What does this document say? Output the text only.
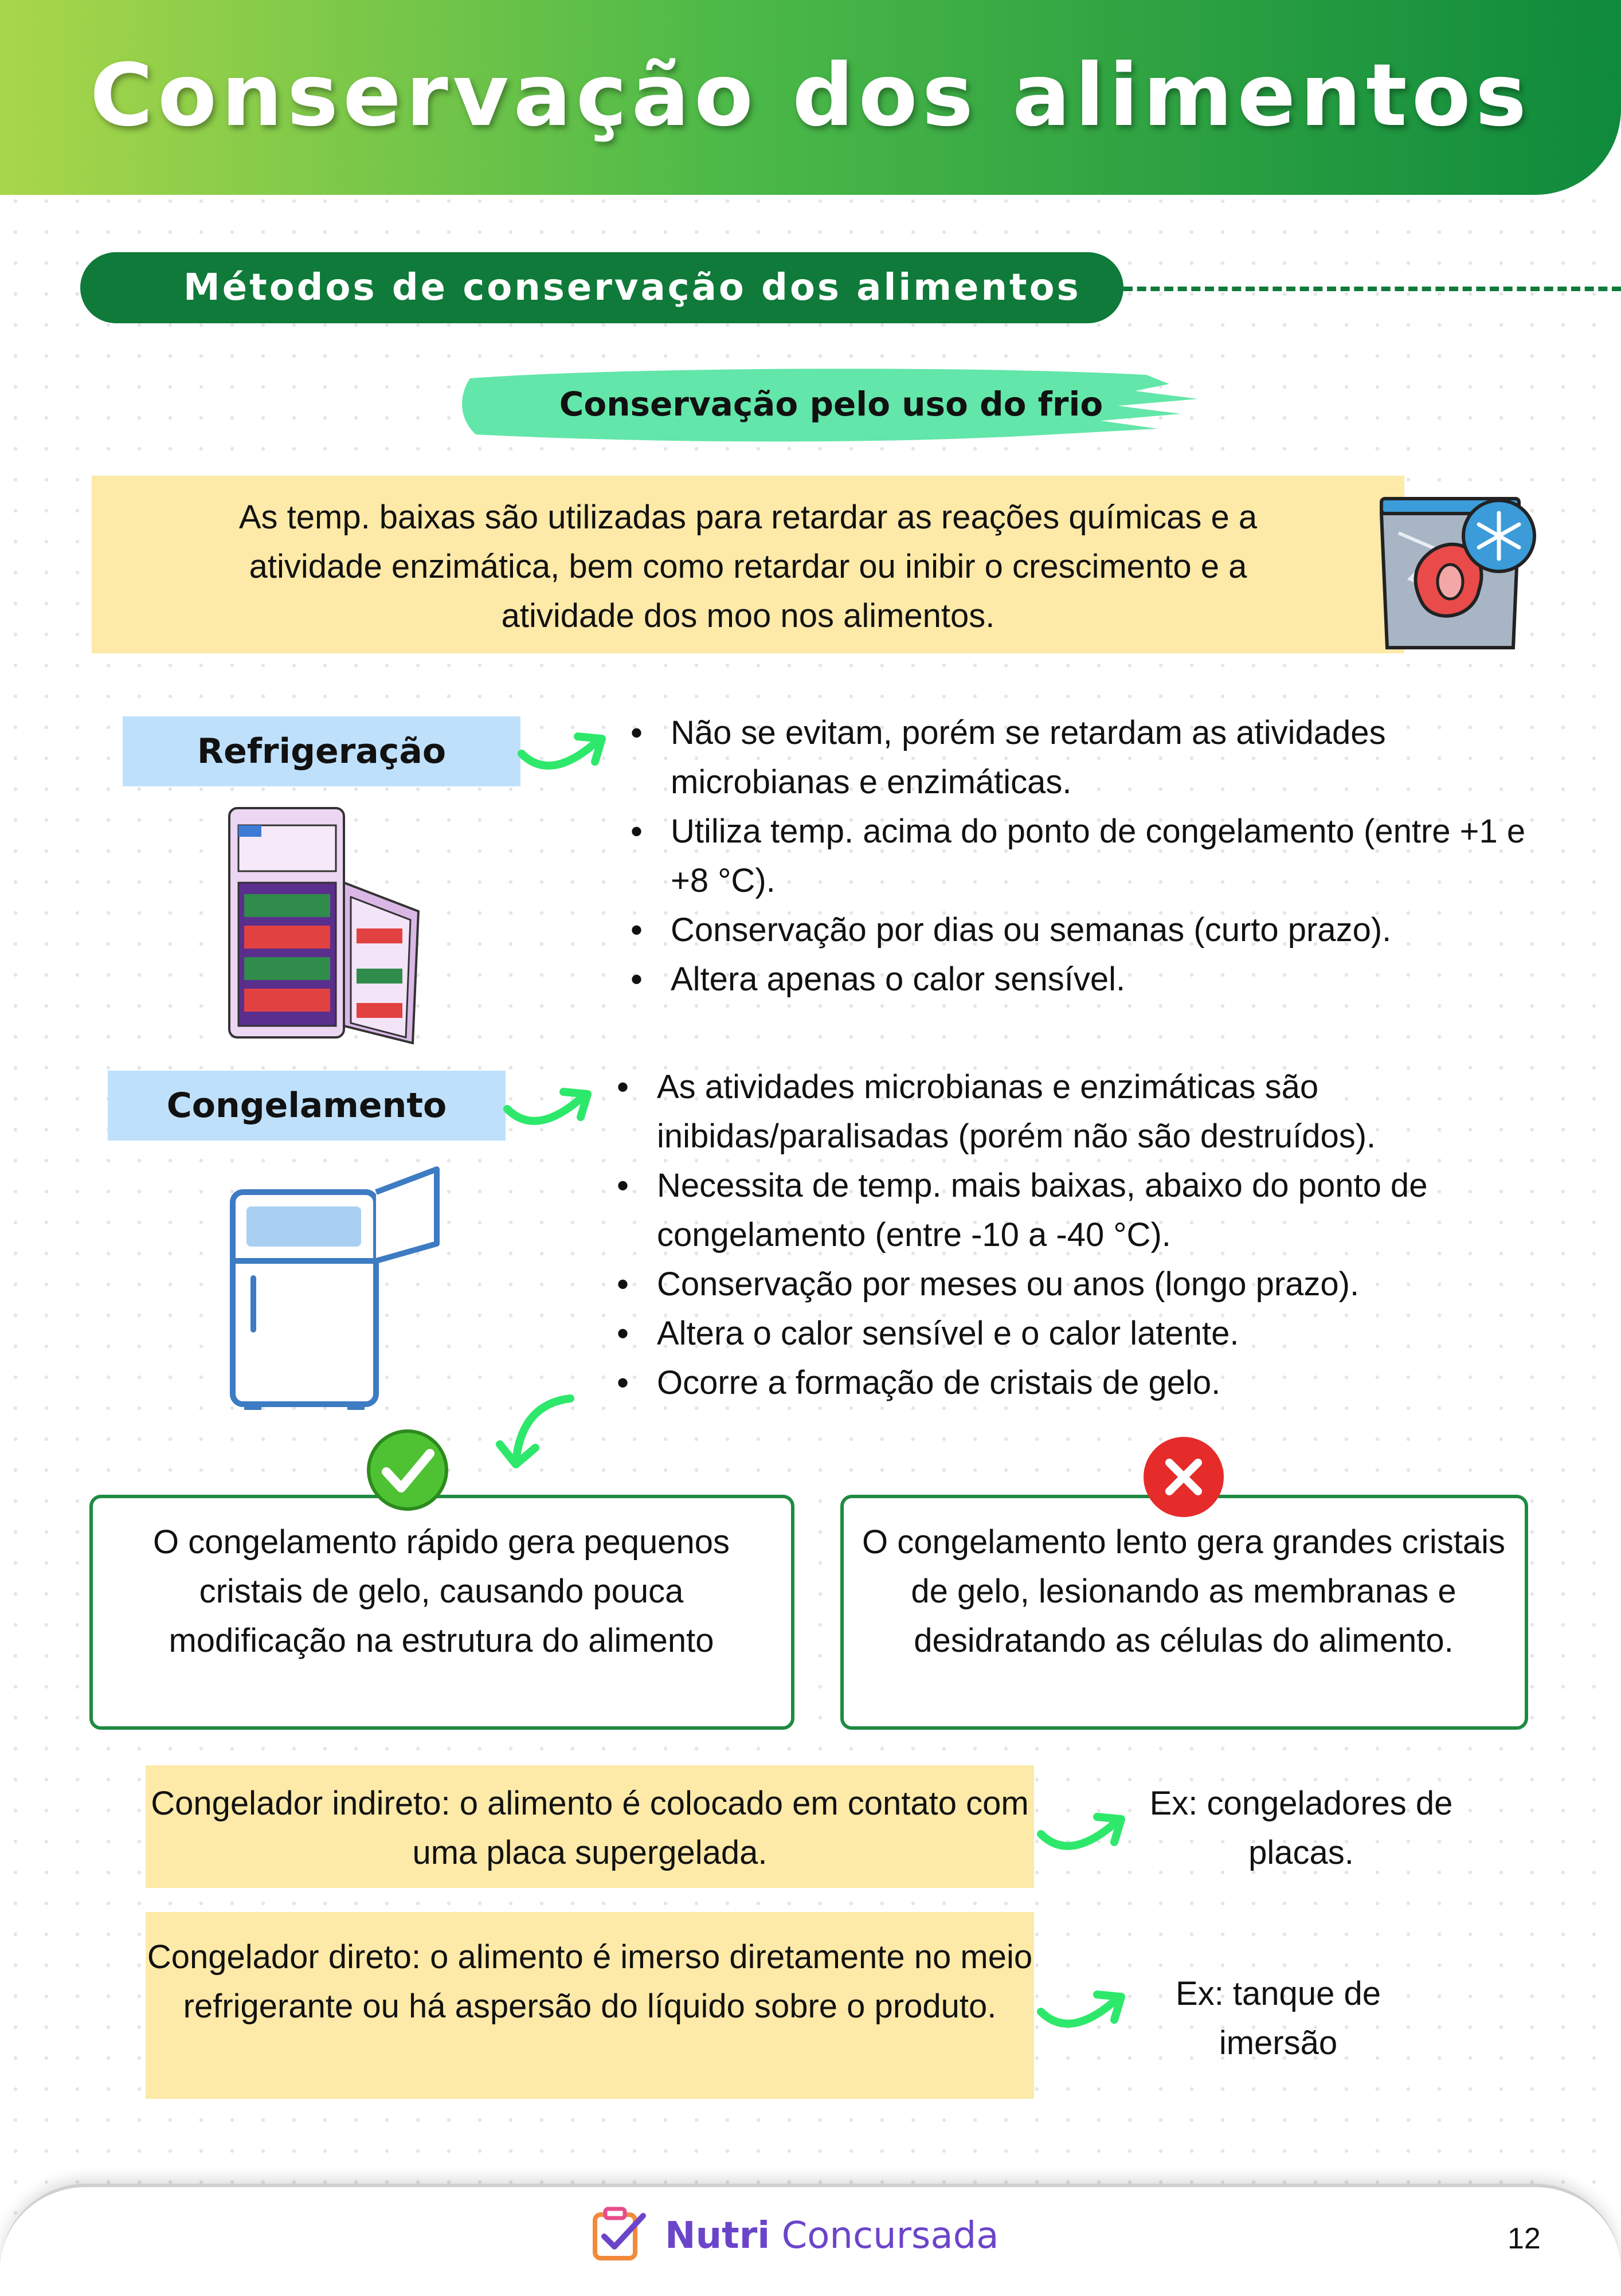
Conservação dos alimentos
Métodos de conservação dos alimentos
Conservação pelo uso do frio
As temp. baixas são utilizadas para retardar as reações químicas e a
atividade enzimática, bem como retardar ou inibir o crescimento e a
atividade dos moo nos alimentos.
Refrigeração	• Não se evitam, porém se retardam as atividades microbianas e enzimáticas.
• Utiliza temp. acima do ponto de congelamento (entre +1 e +8 °C).
• Conservação por dias ou semanas (curto prazo).
• Altera apenas o calor sensível.
Congelamento	• As atividades microbianas e enzimáticas são inibidas/paralisadas (porém não são destruídos).
• Necessita de temp. mais baixas, abaixo do ponto de congelamento (entre -10 a -40 °C).
• Conservação por meses ou anos (longo prazo).
• Altera o calor sensível e o calor latente.
• Ocorre a formação de cristais de gelo.
O congelamento rápido gera pequenos cristais de gelo, causando pouca modificação na estrutura do alimento
O congelamento lento gera grandes cristais de gelo, lesionando as membranas e desidratando as células do alimento.
Congelador indireto: o alimento é colocado em contato com uma placa supergelada.
Ex: congeladores de placas.
Congelador direto: o alimento é imerso diretamente no meio refrigerante ou há aspersão do líquido sobre o produto.	Ex: tanque de imersão
Nutri Concursada	12
